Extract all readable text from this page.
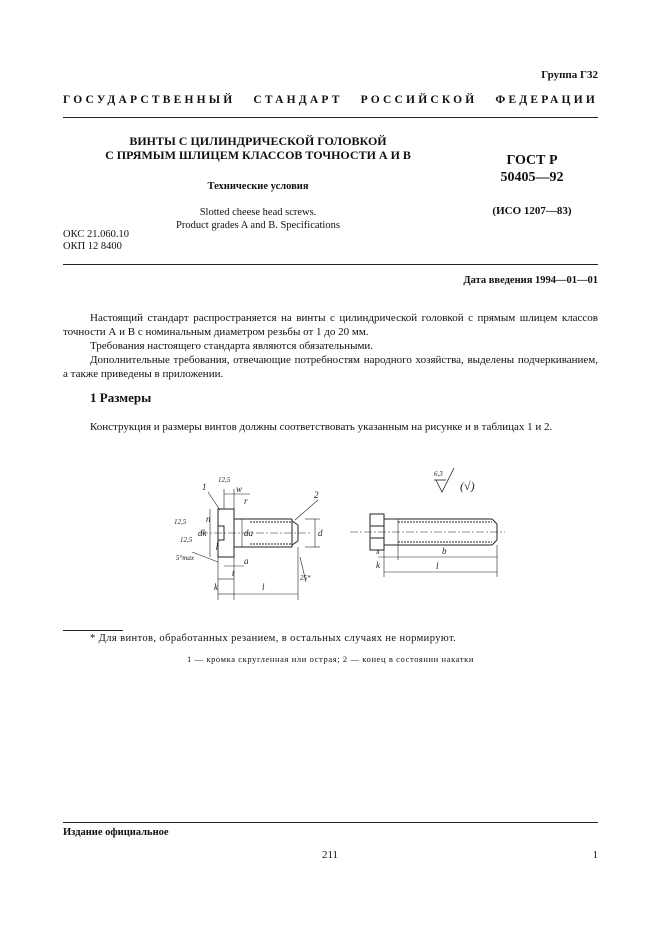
Группа Г32
ГОСУДАРСТВЕННЫЙ СТАНДАРТ РОССИЙСКОЙ ФЕДЕРАЦИИ
ВИНТЫ С ЦИЛИНДРИЧЕСКОЙ ГОЛОВКОЙ
С ПРЯМЫМ ШЛИЦЕМ КЛАССОВ ТОЧНОСТИ А И В
Технические условия
Slotted cheese head screws.
Product grades A and B. Specifications
ГОСТ Р
50405—92
(ИСО 1207—83)
ОКС 21.060.10
ОКП 12 8400
Дата введения 1994—01—01
Настоящий стандарт распространяется на винты с цилиндрической головкой с прямым шлицем классов точности А и В с номинальным диаметром резьбы от 1 до 20 мм.
Требования настоящего стандарта являются обязательными.
Дополнительные требования, отвечающие потребностям народного хозяйства, выделены подчеркиванием, а также приведены в приложении.
1 Размеры
Конструкция и размеры винтов должны соответствовать указанным на рисунке и в таблицах 1 и 2.
1
2
w
r
dk	da	d
n
k	l
a
t
f
b
x
l
k
5°max
12,5
12,5
12,5
25*
6,3
(√)
* Для винтов, обработанных резанием, в остальных случаях не нормируют.
1 — кромка скругленная или острая; 2 — конец в состоянии накатки
Издание официальное
211	1
